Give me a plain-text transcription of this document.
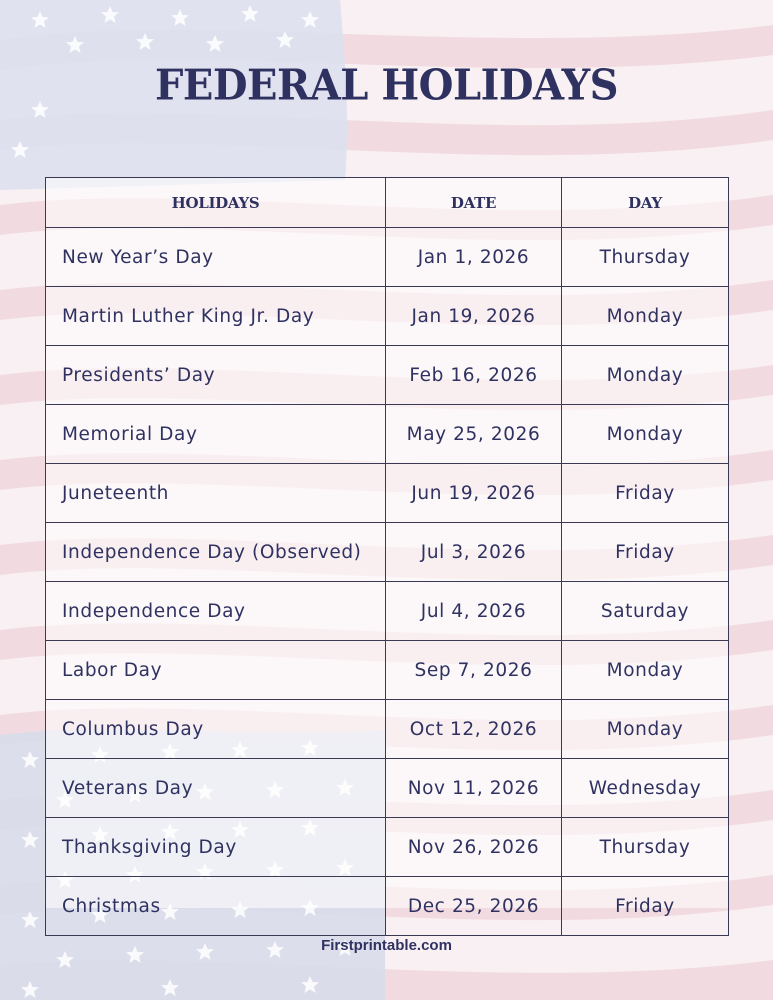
FEDERAL HOLIDAYS
HOLIDAYS	DATE	DAY
New Year’s Day	Jan 1, 2026	Thursday
Martin Luther King Jr. Day	Jan 19, 2026	Monday
Presidents’ Day	Feb 16, 2026	Monday
Memorial Day	May 25, 2026	Monday
Juneteenth	Jun 19, 2026	Friday
Independence Day (Observed)	Jul 3, 2026	Friday
Independence Day	Jul 4, 2026	Saturday
Labor Day	Sep 7, 2026	Monday
Columbus Day	Oct 12, 2026	Monday
Veterans Day	Nov 11, 2026	Wednesday
Thanksgiving Day	Nov 26, 2026	Thursday
Christmas	Dec 25, 2026	Friday
Firstprintable.com
